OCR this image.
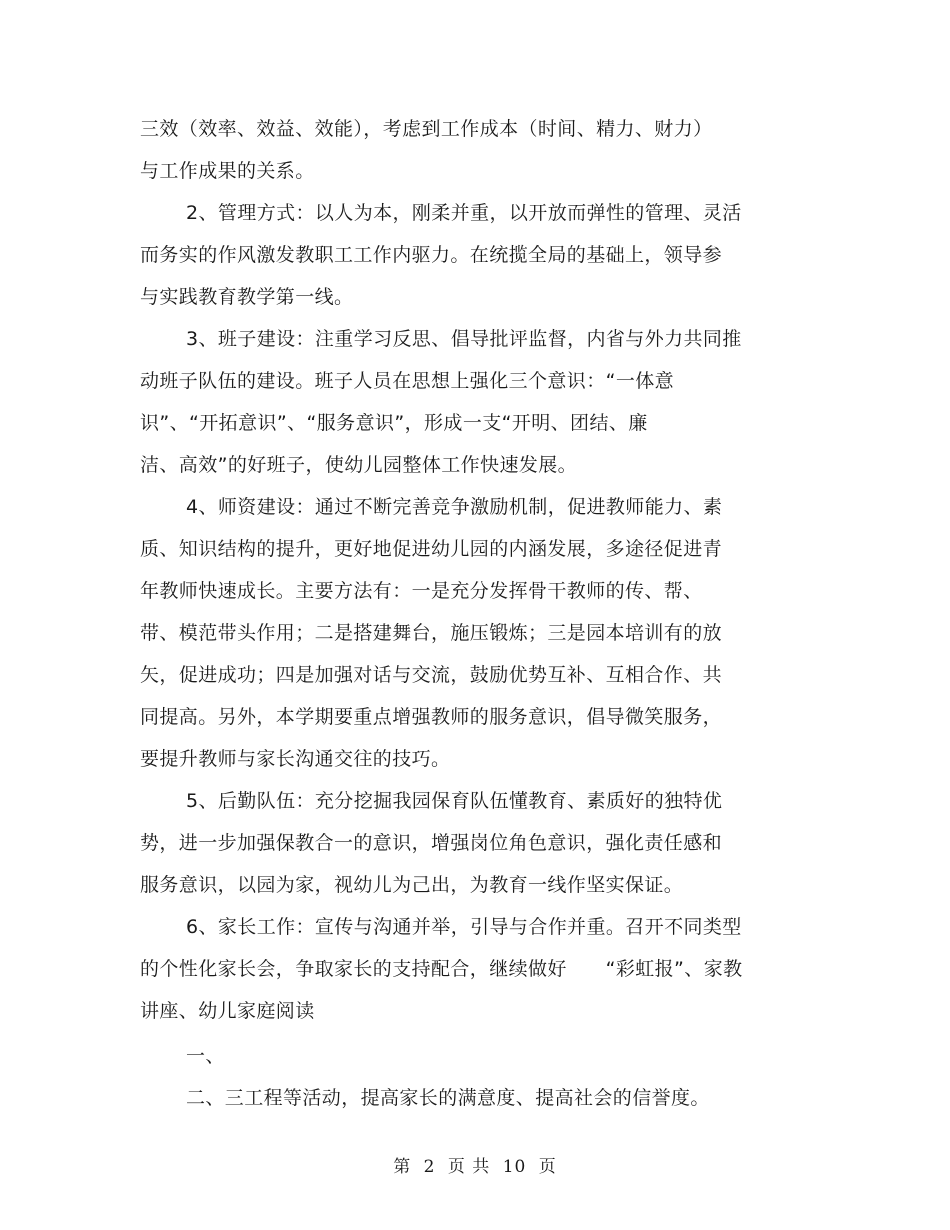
三效（效率、效益、效能），考虑到工作成本（时间、精力、财力）
与工作成果的关系。
2、管理方式：以人为本，刚柔并重，以开放而弹性的管理、灵活
而务实的作风激发教职工工作内驱力。在统揽全局的基础上，领导参
与实践教育教学第一线。
3、班子建设：注重学习反思、倡导批评监督，内省与外力共同推
动班子队伍的建设。班子人员在思想上强化三个意识：“一体意
识”、“开拓意识”、“服务意识”，形成一支“开明、团结、廉
洁、高效”的好班子，使幼儿园整体工作快速发展。
4、师资建设：通过不断完善竞争激励机制，促进教师能力、素
质、知识结构的提升，更好地促进幼儿园的内涵发展，多途径促进青
年教师快速成长。主要方法有：一是充分发挥骨干教师的传、帮、
带、模范带头作用；二是搭建舞台，施压锻炼；三是园本培训有的放
矢，促进成功；四是加强对话与交流，鼓励优势互补、互相合作、共
同提高。另外，本学期要重点增强教师的服务意识，倡导微笑服务，
要提升教师与家长沟通交往的技巧。
5、后勤队伍：充分挖掘我园保育队伍懂教育、素质好的独特优
势，进一步加强保教合一的意识，增强岗位角色意识，强化责任感和
服务意识，以园为家，视幼儿为己出，为教育一线作坚实保证。
6、家长工作：宣传与沟通并举，引导与合作并重。召开不同类型
的个性化家长会，争取家长的支持配合，继续做好　　“彩虹报”、家教
讲座、幼儿家庭阅读
一、
二、三工程等活动，提高家长的满意度、提高社会的信誉度。
第 2 页 共 10 页
